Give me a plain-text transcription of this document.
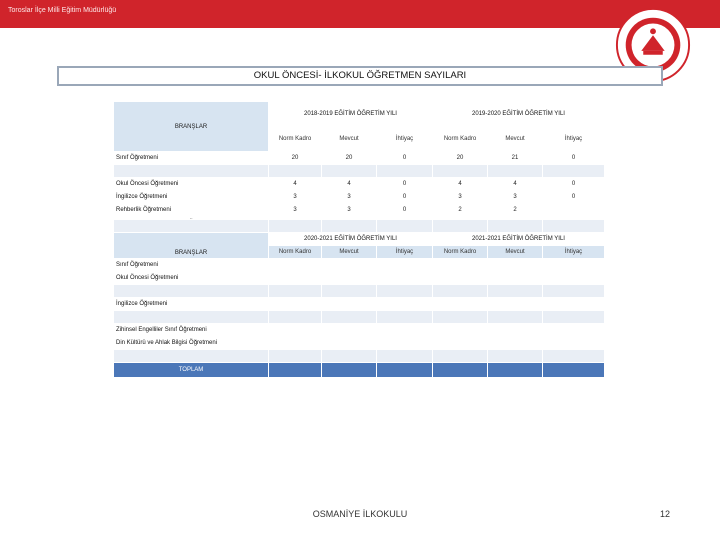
Toroslar İlçe Milli Eğitim Müdürlüğü
OKUL ÖNCESİ- İLKOKUL ÖĞRETMEN SAYILARI
BRANŞLAR	2018-2019 EĞİTİM ÖĞRETİM YILI			2019-2020 EĞİTİM ÖĞRETİM YILI		
	Norm Kadro	Mevcut	İhtiyaç	Norm Kadro	Mevcut	İhtiyaç
Sınıf Öğretmeni	20	20	0	20	21	0

Okul Öncesi Öğretmeni	4	4	0	4	4	0
İngilizce Öğretmeni	3	3	0	3	3	0
Rehberlik Öğretmeni	3	3	0	2	2	

BRANŞLAR	2020-2021 EĞİTİM ÖĞRETİM YILI			2021-2021 EĞİTİM ÖĞRETİM YILI		
	Norm Kadro	Mevcut	İhtiyaç	Norm Kadro	Mevcut	İhtiyaç
Sınıf Öğretmeni						
Okul Öncesi Öğretmeni						

İngilizce Öğretmeni						

Zihinsel Engelliler Sınıf Öğretmeni						
Din Kültürü ve Ahlak Bilgisi Öğretmeni						

TOPLAM						
OSMANİYE İLKOKULU	12
